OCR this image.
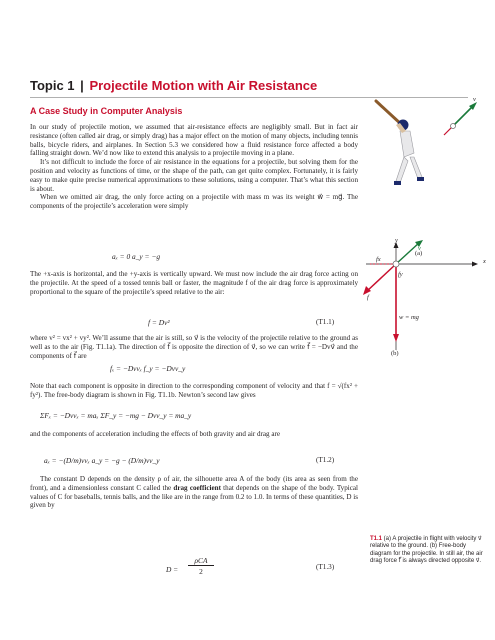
Topic 1 | Projectile Motion with Air Resistance
A Case Study in Computer Analysis

In our study of projectile motion, we assumed that air-resistance effects are negligibly small. But in fact air resistance (often called air drag, or simply drag) has a major effect on the motion of many objects, including tennis balls, bicycle riders, and airplanes. In Section 5.3 we considered how a fluid resistance force affected a body falling straight down. We’d now like to extend this analysis to a projectile moving in a plane.

It’s not difficult to include the force of air resistance in the equations for a projectile, but solving them for the position and velocity as functions of time, or the shape of the path, can get quite complex. Fortunately, it is fairly easy to make quite precise numerical approximations to these solutions, using a computer. That’s what this section is about.

When we omitted air drag, the only force acting on a projectile with mass m was its weight w⃗ = mg⃗. The components of the projectile’s acceleration were simply

aₓ = 0 a_y = −g

The +x-axis is horizontal, and the +y-axis is vertically upward. We must now include the air drag force acting on the projectile. At the speed of a tossed tennis ball or faster, the magnitude f of the air drag force is approximately proportional to the square of the projectile’s speed relative to the air:

f = Dv²	(T1.1)

where v² = vx² + vy². We’ll assume that the air is still, so v⃗ is the velocity of the projectile relative to the ground as well as to the air (Fig. T1.1a). The direction of f⃗ is opposite the direction of v⃗, so we can write f⃗ = −Dvv⃗ and the components of f⃗ are

fₓ = −Dvvₓ f_y = −Dvv_y

Note that each component is opposite in direction to the corresponding component of velocity and that f = √(fx² + fy²). The free-body diagram is shown in Fig. T1.1b. Newton’s second law gives

ΣFₓ = −Dvvₓ = maₓ ΣF_y = −mg − Dvv_y = ma_y

and the components of acceleration including the effects of both gravity and air drag are

aₓ = −(D/m)vvₓ a_y = −g − (D/m)vv_y	(T1.2)

The constant D depends on the density ρ of air, the silhouette area A of the body (its area as seen from the front), and a dimensionless constant C called the drag coefficient that depends on the shape of the body. Typical values of C for baseballs, tennis balls, and the like are in the range from 0.2 to 1.0. In terms of these quantities, D is given by

D =
ρCA
2	(T1.3)
v
(a)
y
x
v
f
fx
fy
w = mg
(b)
T1.1 (a) A projectile in flight with velocity v⃗ relative to the ground. (b) Free-body diagram for the projectile. In still air, the air drag force f⃗ is always directed opposite v⃗.
